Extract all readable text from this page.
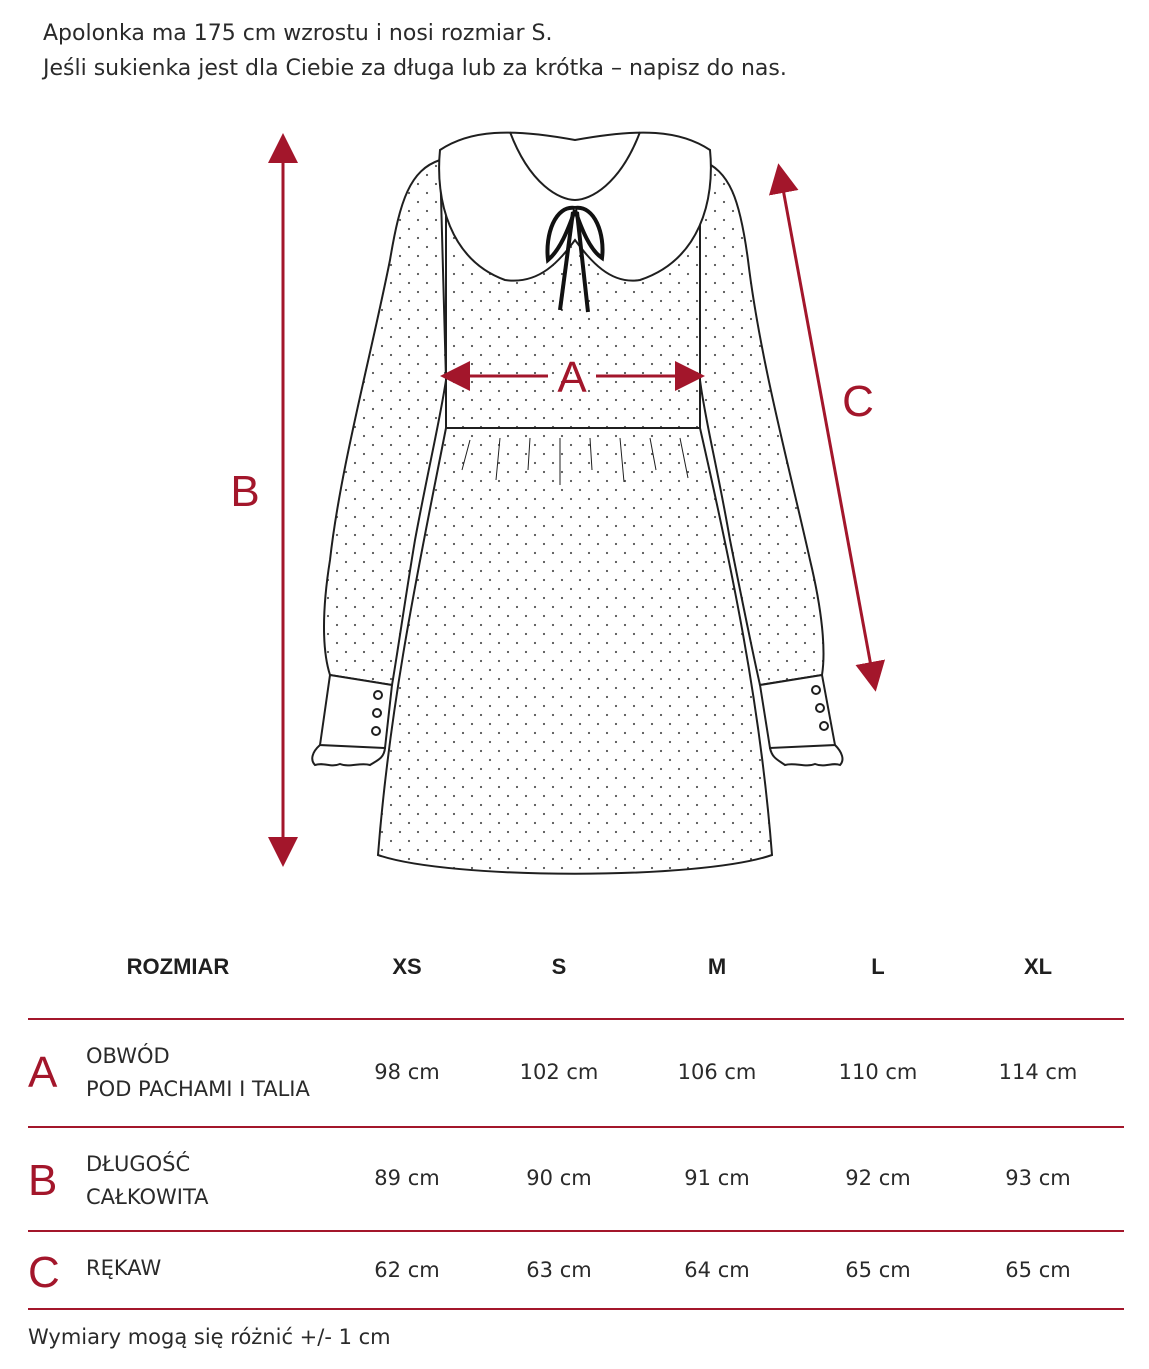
Apolonka ma 175 cm wzrostu i nosi rozmiar S.

Jeśli sukienka jest dla Ciebie za długa lub za krótka – napisz do nas.

A
B
C
ROZMIAR	XS	S	M	L	XL
A OBWÓD
POD PACHAMI I TALIA
98 cm	102 cm	106 cm	110 cm	114 cm
B DŁUGOŚĆ
CAŁKOWITA
89 cm	90 cm	91 cm	92 cm	93 cm
C RĘKAW	62 cm	63 cm	64 cm	65 cm	65 cm
Wymiary mogą się różnić +/- 1 cm
